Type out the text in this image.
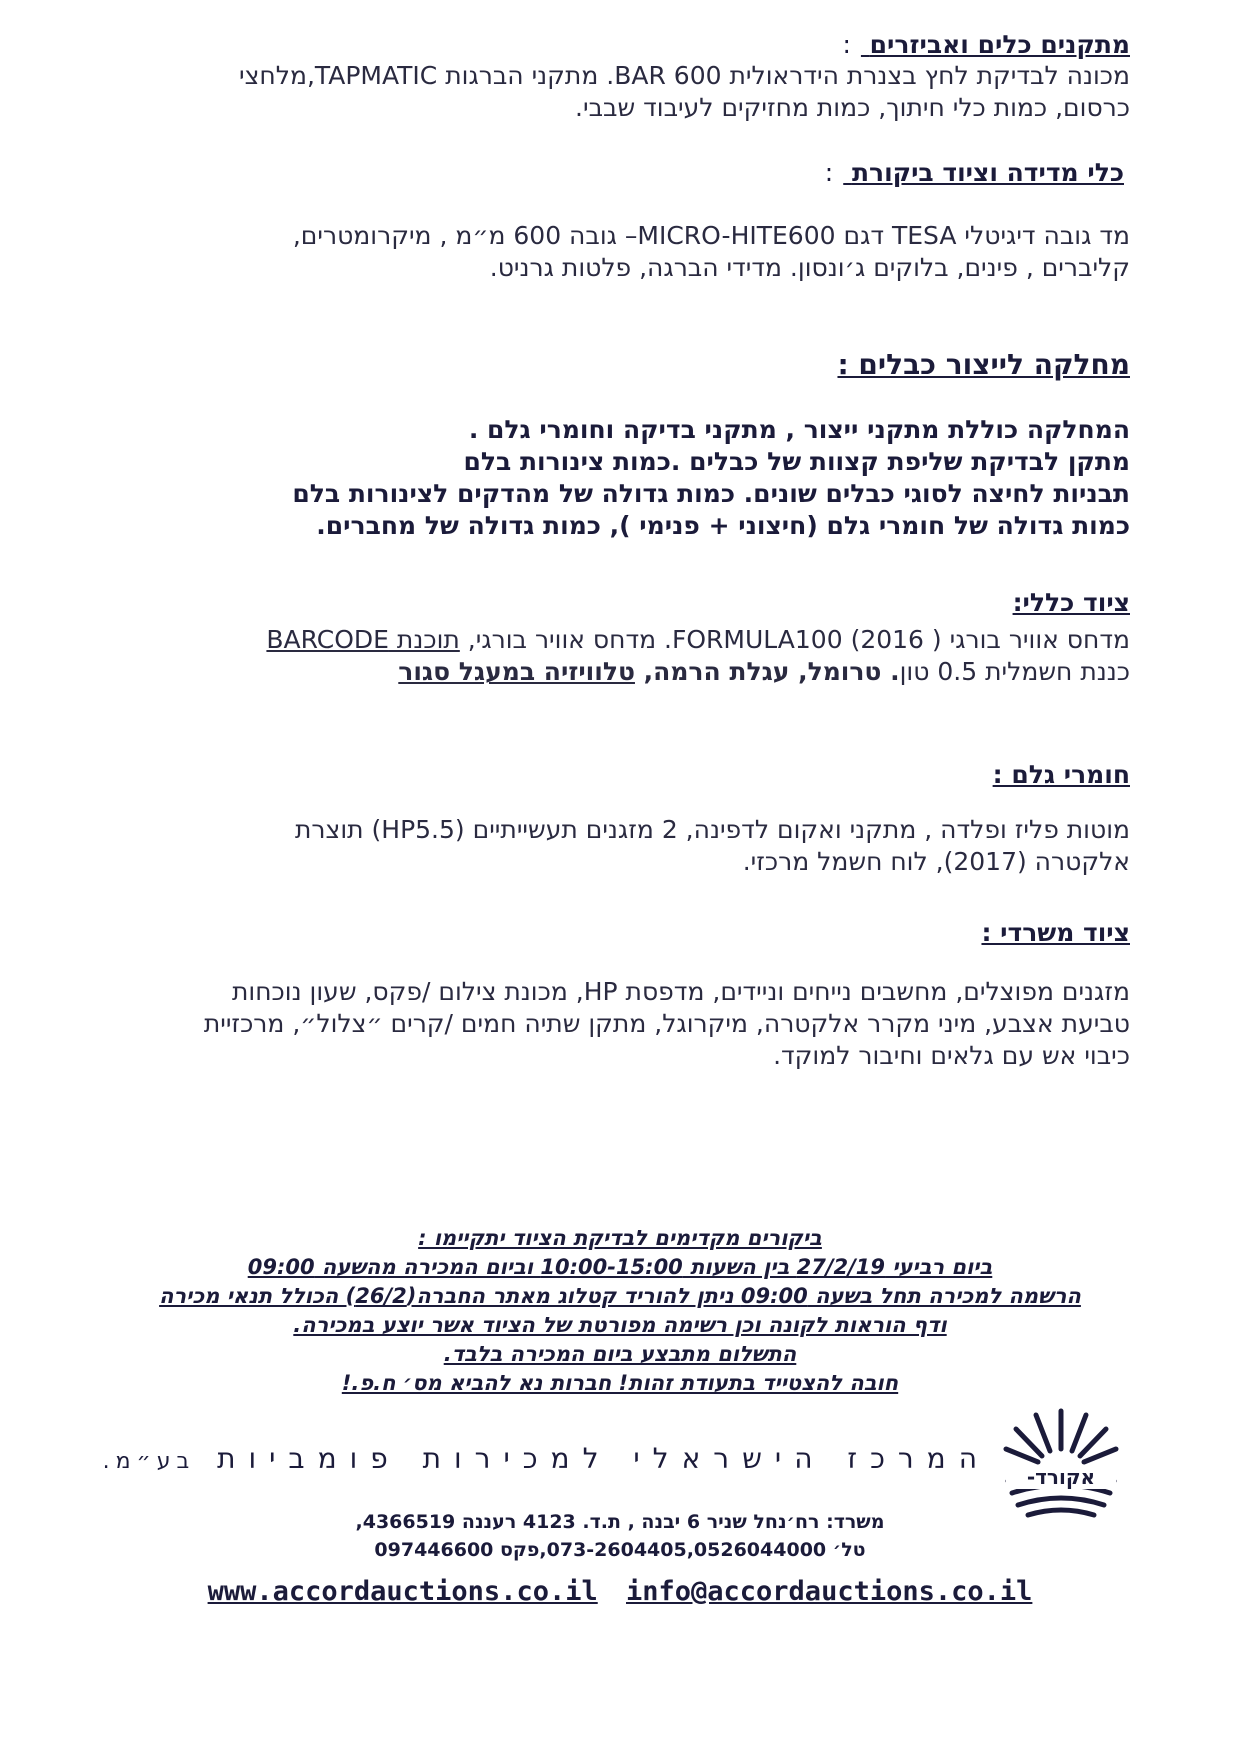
מתקנים כלים ואביזרים :
מכונה לבדיקת לחץ בצנרת הידראולית BAR 600. מתקני הברגות TAPMATIC,מלחצי
כרסום, כמות כלי חיתוך, כמות מחזיקים לעיבוד שבבי.
כלי מדידה וציוד ביקורת :
מד גובה דיגיטלי TESA דגם MICRO-HITE600– גובה 600 מ״מ , מיקרומטרים,
קליברים , פינים, בלוקים ג׳ונסון. מדידי הברגה, פלטות גרניט.
מחלקה לייצור כבלים :
המחלקה כוללת מתקני ייצור , מתקני בדיקה וחומרי גלם .
מתקן לבדיקת שליפת קצוות של כבלים .כמות צינורות בלם
תבניות לחיצה לסוגי כבלים שונים. כמות גדולה של מהדקים לצינורות בלם
כמות גדולה של חומרי גלם (חיצוני + פנימי ), כמות גדולה של מחברים.
ציוד כללי:
מדחס אוויר בורגי FORMULA100 (2016 ). מדחס אוויר בורגי, תוכנת BARCODE
כננת חשמלית 0.5 טון. טרומל, עגלת הרמה, טלוויזיה במעגל סגור
חומרי גלם :
מוטות פליז ופלדה , מתקני ואקום לדפינה, 2 מזגנים תעשייתיים (HP5.5) תוצרת
אלקטרה (2017), לוח חשמל מרכזי.
ציוד משרדי :
מזגנים מפוצלים, מחשבים נייחים וניידים, מדפסת HP, מכונת צילום /פקס, שעון נוכחות
טביעת אצבע, מיני מקרר אלקטרה, מיקרוגל, מתקן שתיה חמים /קרים ״צלול״, מרכזיית
כיבוי אש עם גלאים וחיבור למוקד.
ביקורים מקדימים לבדיקת הציוד יתקיימו :
ביום רביעי 27/2/19 בין השעות 10:00-15:00 וביום המכירה מהשעה 09:00
הרשמה למכירה תחל בשעה 09:00 ניתן להוריד קטלוג מאתר החברה(26/2) הכולל תנאי מכירה
ודף הוראות לקונה וכן רשימה מפורטת של הציוד אשר יוצע במכירה.
התשלום מתבצע ביום המכירה בלבד.
חובה להצטייד בתעודת זהות! חברות נא להביא מס׳ ח.פ.!
אקורד-
המרכז הישראלי למכירות פומביות בע״מ.
משרד: רח׳נחל שניר 6 יבנה , ת.ד. 4123 רעננה 4366519,
טל׳ 073-2604405,0526044000,פקס 097446600
www.accordauctions.co.il info@accordauctions.co.il
